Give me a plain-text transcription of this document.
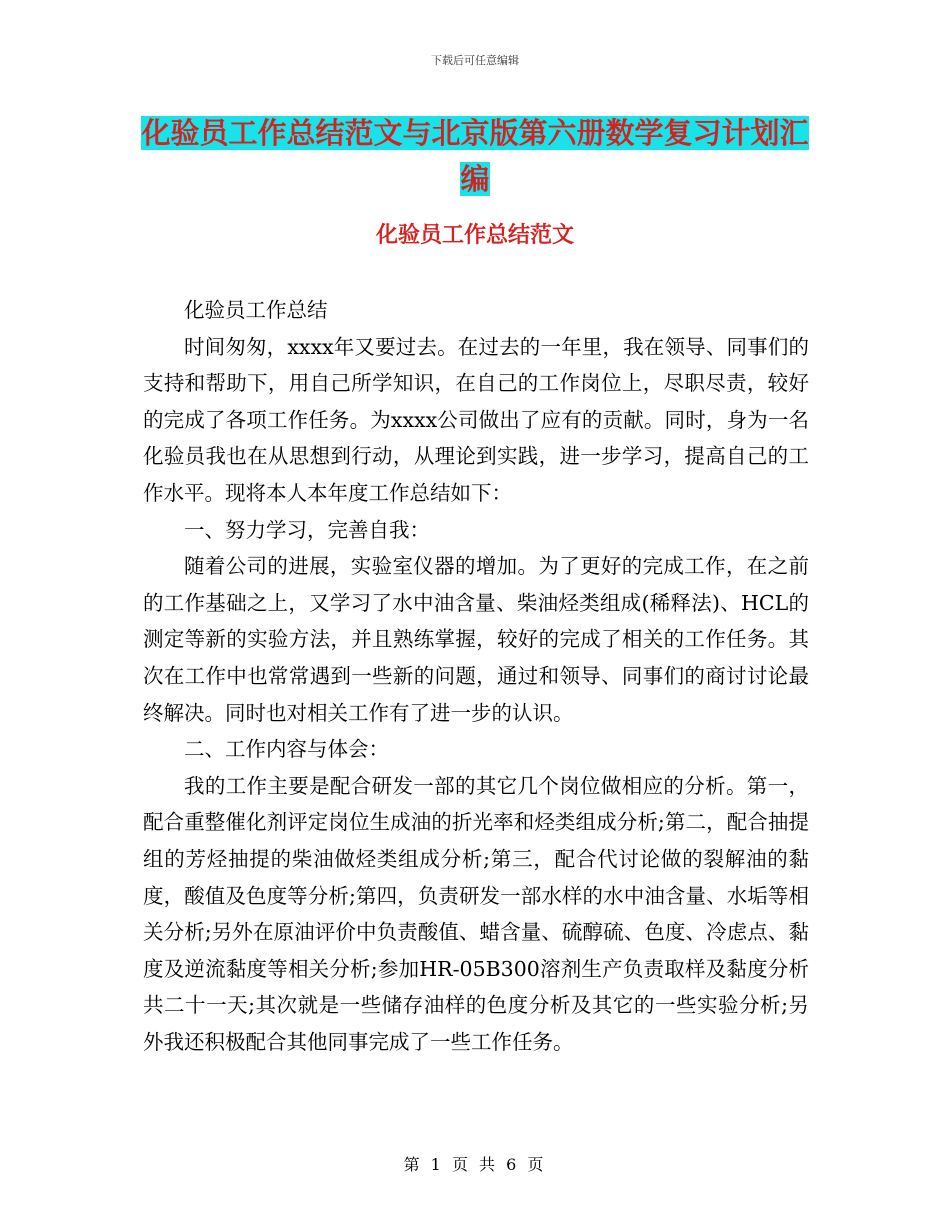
下载后可任意编辑
化验员工作总结范文与北京版第六册数学复习计划汇编
化验员工作总结范文

化验员工作总结

时间匆匆，xxxx年又要过去。在过去的一年里，我在领导、同事们的支持和帮助下，用自己所学知识，在自己的工作岗位上，尽职尽责，较好的完成了各项工作任务。为xxxx公司做出了应有的贡献。同时，身为一名化验员我也在从思想到行动，从理论到实践，进一步学习，提高自己的工作水平。现将本人本年度工作总结如下：

一、努力学习，完善自我：

随着公司的进展，实验室仪器的增加。为了更好的完成工作，在之前的工作基础之上，又学习了水中油含量、柴油烃类组成(稀释法)、HCL的测定等新的实验方法，并且熟练掌握，较好的完成了相关的工作任务。其次在工作中也常常遇到一些新的问题，通过和领导、同事们的商讨讨论最终解决。同时也对相关工作有了进一步的认识。

二、工作内容与体会：

我的工作主要是配合研发一部的其它几个岗位做相应的分析。第一，配合重整催化剂评定岗位生成油的折光率和烃类组成分析;第二，配合抽提组的芳烃抽提的柴油做烃类组成分析;第三，配合代讨论做的裂解油的黏度，酸值及色度等分析;第四，负责研发一部水样的水中油含量、水垢等相关分析;另外在原油评价中负责酸值、蜡含量、硫醇硫、色度、冷虑点、黏度及逆流黏度等相关分析;参加HR-05B300溶剂生产负责取样及黏度分析共二十一天;其次就是一些储存油样的色度分析及其它的一些实验分析;另外我还积极配合其他同事完成了一些工作任务。

第 1 页 共 6 页
